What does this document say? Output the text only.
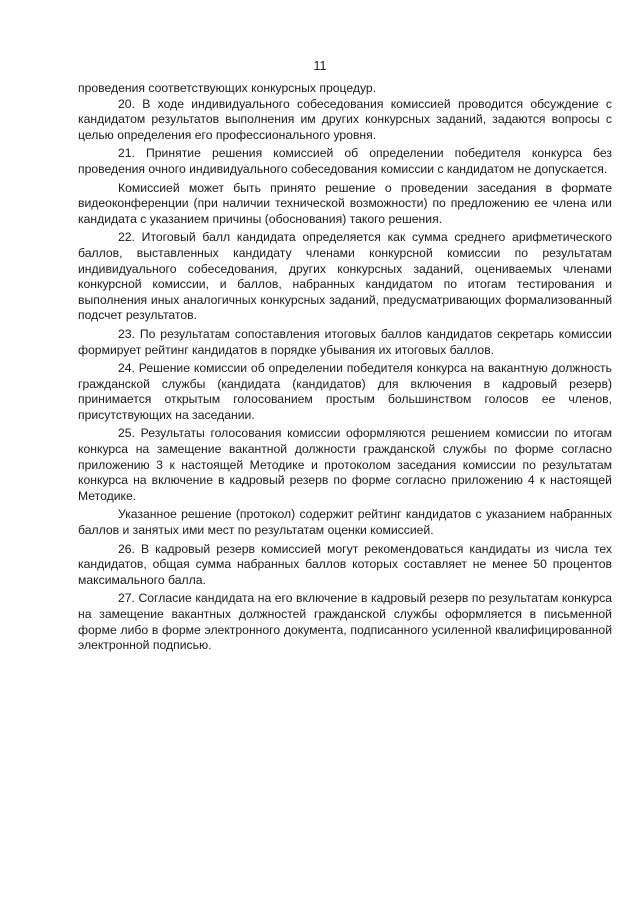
11

проведения соответствующих конкурсных процедур.

20. В ходе индивидуального собеседования комиссией проводится обсуждение с кандидатом результатов выполнения им других конкурсных заданий, задаются вопросы с целью определения его профессионального уровня.

21. Принятие решения комиссией об определении победителя конкурса без проведения очного индивидуального собеседования комиссии с кандидатом не допускается.

Комиссией может быть принято решение о проведении заседания в формате видеоконференции (при наличии технической возможности) по предложению ее члена или кандидата с указанием причины (обоснования) такого решения.

22. Итоговый балл кандидата определяется как сумма среднего арифметического баллов, выставленных кандидату членами конкурсной комиссии по результатам индивидуального собеседования, других конкурсных заданий, оцениваемых членами конкурсной комиссии, и баллов, набранных кандидатом по итогам тестирования и выполнения иных аналогичных конкурсных заданий, предусматривающих формализованный подсчет результатов.

23. По результатам сопоставления итоговых баллов кандидатов секретарь комиссии формирует рейтинг кандидатов в порядке убывания их итоговых баллов.

24. Решение комиссии об определении победителя конкурса на вакантную должность гражданской службы (кандидата (кандидатов) для включения в кадровый резерв) принимается открытым голосованием простым большинством голосов ее членов, присутствующих на заседании.

25. Результаты голосования комиссии оформляются решением комиссии по итогам конкурса на замещение вакантной должности гражданской службы по форме согласно приложению 3 к настоящей Методике и протоколом заседания комиссии по результатам конкурса на включение в кадровый резерв по форме согласно приложению 4 к настоящей Методике.

Указанное решение (протокол) содержит рейтинг кандидатов с указанием набранных баллов и занятых ими мест по результатам оценки комиссией.

26. В кадровый резерв комиссией могут рекомендоваться кандидаты из числа тех кандидатов, общая сумма набранных баллов которых составляет не менее 50 процентов максимального балла.

27. Согласие кандидата на его включение в кадровый резерв по результатам конкурса на замещение вакантных должностей гражданской службы оформляется в письменной форме либо в форме электронного документа, подписанного усиленной квалифицированной электронной подписью.
